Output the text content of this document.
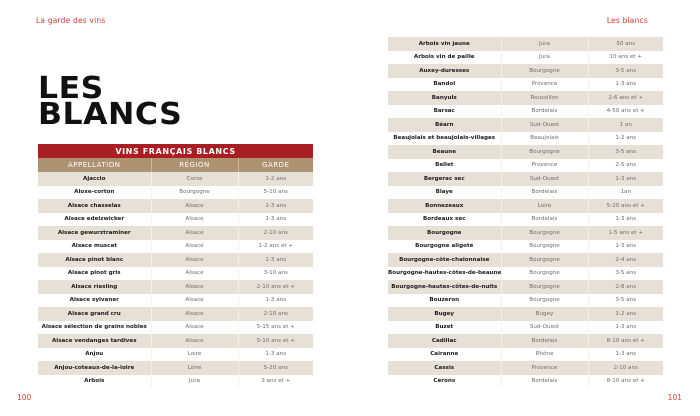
La garde des vins
LES
BLANCS
VINS FRANÇAIS BLANCS		
APPELLATION	RÉGION	GARDE
Ajaccio	Corse	1-2 ans
Aloxe-corton	Bourgogne	5-10 ans
Alsace chasselas	Alsace	1-3 ans
Alsace edelzwicker	Alsace	1-3 ans
Alsace gewurztraminer	Alsace	2-10 ans
Alsace muscat	Alsace	1-2 ans et +
Alsace pinot blanc	Alsace	1-3 ans
Alsace pinot gris	Alsace	3-10 ans
Alsace riesling	Alsace	2-10 ans et +
Alsace sylvaner	Alsace	1-3 ans
Alsace grand cru	Alsace	2-10 ans
Alsace sélection de grains nobles	Alsace	5-15 ans et +
Alsace vendanges tardives	Alsace	5-10 ans et +
Anjou	Loire	1-3 ans
Anjou-coteaux-de-la-loire	Loire	5-20 ans
Arbois	Jura	3 ans et +
100
Les blancs
Arbois vin jaune	Jura	50 ans
Arbois vin de paille	Jura	10 ans et +
Auxey-duresses	Bourgogne	3-5 ans
Bandol	Provence	1-3 ans
Banyuls	Roussillon	2-6 ans et +
Barsac	Bordelais	4-50 ans et +
Béarn	Sud-Ouest	1 an
Beaujolais et beaujolais-villages	Beaujolais	1-2 ans
Beaune	Bourgogne	3-5 ans
Bellet	Provence	2-5 ans
Bergerac sec	Sud-Ouest	1-3 ans
Blaye	Bordelais	1an
Bonnezeaux	Loire	5-20 ans et +
Bordeaux sec	Bordelais	1-3 ans
Bourgogne	Bourgogne	1-5 ans et +
Bourgogne aligoté	Bourgogne	1-3 ans
Bourgogne-côte-chalonnaise	Bourgogne	2-4 ans
Bourgogne-hautes-côtes-de-beaune	Bourgogne	3-5 ans
Bourgogne-hautes-côtes-de-nuits	Bourgogne	2-8 ans
Bouzeron	Bourgogne	3-5 ans
Bugey	Bugey	1-2 ans
Buzet	Sud-Ouest	1-3 ans
Cadillac	Bordelais	8-10 ans et +
Cairanne	Rhône	1-3 ans
Cassis	Provence	2-10 ans
Cérons	Bordelais	8-10 ans et +
101
